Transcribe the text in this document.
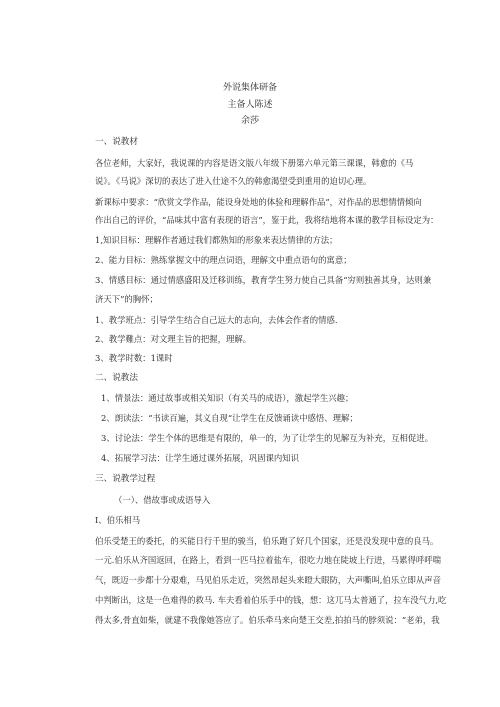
外说集体研备
主备人陈述
余莎
一、说教材
各位老师，大家好，我说课的内容是语文版八年级下册第六单元第三课课，韩愈的《马
说》。《马说》深切的表达了进入仕途不久的韩愈渴望受到重用的迫切心理。
新课标中要求：“欣赏文学作品，能设身处地的体验和理解作品”，对作品的思想情情倾向
作出自己的评价，“品味其中富有表现的语言”，鉴于此，我将结地将本课的教学目标设定为：
1,知识目标：理解作者通过我们都熟知的形象来表达情律的方法；
2、能力目标：熟练掌握文中的理点词语，理解文中重点语句的寓意；
3、情感目标：通过情感盛阳及迁移训练，教育学生努力使自己具备“穷则独善其身，达则兼
济天下”的胸怀；
1、教学班点：引导学生结合自己远大的志向，去体会作者的情感.
2、教学難点：对文理主旨的把握，理解。
3、教学时数：1课时
二、说教法
1、情景法：通过故事或相关知识（有关马的成语），激起学生兴趣；
2、朗读法：“书读百遍，其义自现“让学生在反馈诵读中感悟、理解；
3、讨论法：学生个体的思维是有限的，单一的，为了让学生的见解互为补充，互相促进。
4、拓展学习法：让学生通过课外拓展，巩固课内知识
三、说教学过程
（一）、借故事或成语导入
I、伯乐相马
伯乐受楚王的委托，的买能日行千里的骏当，伯乐跑了好几个国家，还是没发现中意的良马。
一元.伯乐从齐国返回，在路上，看到一匹马拉着盐车，很吃力地在陡坡上行进，马累得呼呼喘
气，既迈一步都十分艰难，马见伯乐走近，突然昂起头来瞪大眼防，大声嘶叫,伯乐立即从声音
中判断出，这是一色难得的救马. 车夫看着伯乐手中的钱，想：这兀马太普通了，拉车没气力,吃
得太多,骨直如柴，就建不我像她答应了。伯乐牵马来向楚王交差,拍拍马的脖须说：“老弟，我
